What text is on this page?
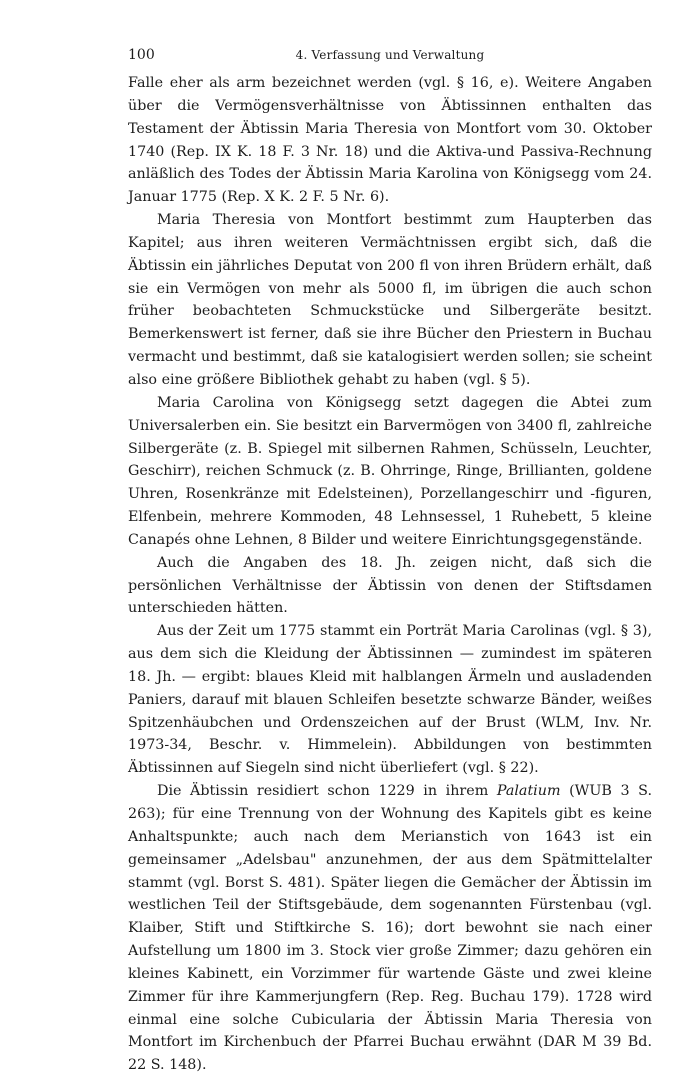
100	4. Verfassung und Verwaltung

Falle eher als arm bezeichnet werden (vgl. § 16, e). Weitere Angaben über die Vermögensverhältnisse von Äbtissinnen enthalten das Testament der Äbtissin Maria Theresia von Montfort vom 30. Oktober 1740 (Rep. IX K. 18 F. 3 Nr. 18) und die Aktiva-und Passiva-Rechnung anläßlich des Todes der Äbtissin Maria Karolina von Königsegg vom 24. Januar 1775 (Rep. X K. 2 F. 5 Nr. 6).

Maria Theresia von Montfort bestimmt zum Haupterben das Kapitel; aus ihren weiteren Vermächtnissen ergibt sich, daß die Äbtissin ein jährliches Deputat von 200 fl von ihren Brüdern erhält, daß sie ein Vermögen von mehr als 5000 fl, im übrigen die auch schon früher beobachteten Schmuckstücke und Silbergeräte besitzt. Bemerkenswert ist ferner, daß sie ihre Bücher den Priestern in Buchau vermacht und bestimmt, daß sie katalogisiert werden sollen; sie scheint also eine größere Bibliothek gehabt zu haben (vgl. § 5).

Maria Carolina von Königsegg setzt dagegen die Abtei zum Universalerben ein. Sie besitzt ein Barvermögen von 3400 fl, zahlreiche Silbergeräte (z. B. Spiegel mit silbernen Rahmen, Schüsseln, Leuchter, Geschirr), reichen Schmuck (z. B. Ohrringe, Ringe, Brillianten, goldene Uhren, Rosenkränze mit Edelsteinen), Porzellangeschirr und -figuren, Elfenbein, mehrere Kommoden, 48 Lehnsessel, 1 Ruhebett, 5 kleine Canapés ohne Lehnen, 8 Bilder und weitere Einrichtungsgegenstände.

Auch die Angaben des 18. Jh. zeigen nicht, daß sich die persönlichen Verhältnisse der Äbtissin von denen der Stiftsdamen unterschieden hätten.

Aus der Zeit um 1775 stammt ein Porträt Maria Carolinas (vgl. § 3), aus dem sich die Kleidung der Äbtissinnen — zumindest im späteren 18. Jh. — ergibt: blaues Kleid mit halblangen Ärmeln und ausladenden Paniers, darauf mit blauen Schleifen besetzte schwarze Bänder, weißes Spitzenhäubchen und Ordenszeichen auf der Brust (WLM, Inv. Nr. 1973-34, Beschr. v. Himmelein). Abbildungen von bestimmten Äbtissinnen auf Siegeln sind nicht überliefert (vgl. § 22).

Die Äbtissin residiert schon 1229 in ihrem Palatium (WUB 3 S. 263); für eine Trennung von der Wohnung des Kapitels gibt es keine Anhaltspunkte; auch nach dem Merianstich von 1643 ist ein gemeinsamer „Adelsbau" anzunehmen, der aus dem Spätmittelalter stammt (vgl. Borst S. 481). Später liegen die Gemächer der Äbtissin im westlichen Teil der Stiftsgebäude, dem sogenannten Fürstenbau (vgl. Klaiber, Stift und Stiftkirche S. 16); dort bewohnt sie nach einer Aufstellung um 1800 im 3. Stock vier große Zimmer; dazu gehören ein kleines Kabinett, ein Vorzimmer für wartende Gäste und zwei kleine Zimmer für ihre Kammerjungfern (Rep. Reg. Buchau 179). 1728 wird einmal eine solche Cubicularia der Äbtissin Maria Theresia von Montfort im Kirchenbuch der Pfarrei Buchau erwähnt (DAR M 39 Bd. 22 S. 148).
